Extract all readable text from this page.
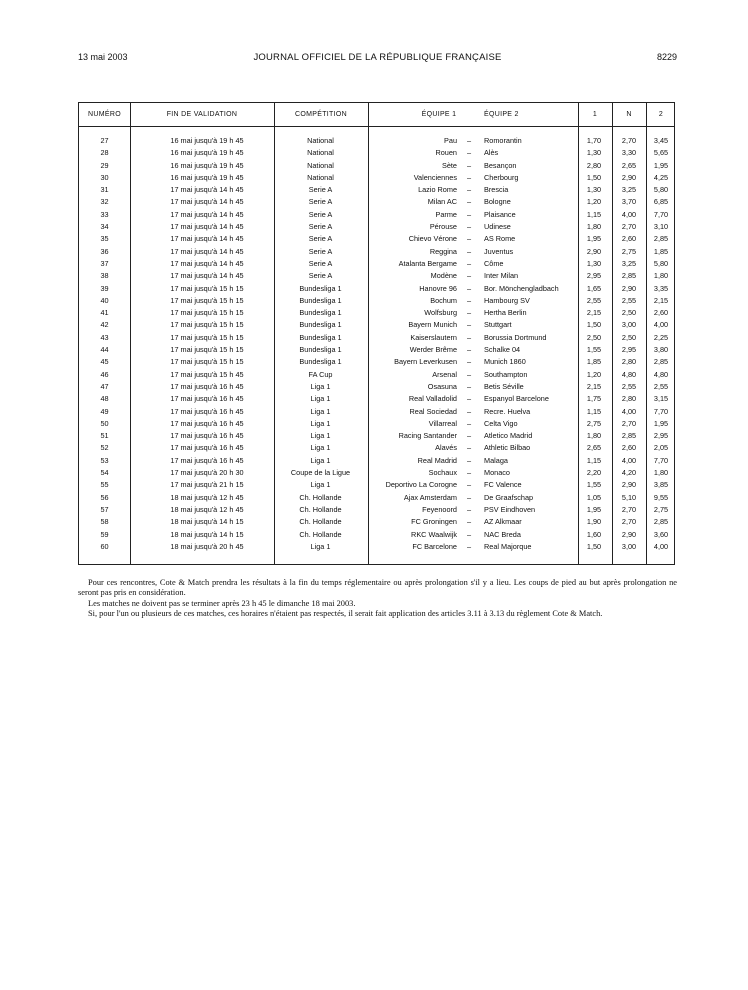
13 mai 2003	JOURNAL OFFICIEL DE LA RÉPUBLIQUE FRANÇAISE	8229
NUMÉRO	FIN DE VALIDATION	COMPÉTITION	ÉQUIPE 1	ÉQUIPE 2	1	N	2
27	16 mai jusqu'à 19 h 45	National	Pau – Romorantin	1,70	2,70	3,45
28	16 mai jusqu'à 19 h 45	National	Rouen – Alès	1,30	3,30	5,65
29	16 mai jusqu'à 19 h 45	National	Sète – Besançon	2,80	2,65	1,95
30	16 mai jusqu'à 19 h 45	National	Valenciennes – Cherbourg	1,50	2,90	4,25
31	17 mai jusqu'à 14 h 45	Serie A	Lazio Rome – Brescia	1,30	3,25	5,80
32	17 mai jusqu'à 14 h 45	Serie A	Milan AC – Bologne	1,20	3,70	6,85
33	17 mai jusqu'à 14 h 45	Serie A	Parme – Plaisance	1,15	4,00	7,70
34	17 mai jusqu'à 14 h 45	Serie A	Pérouse – Udinese	1,80	2,70	3,10
35	17 mai jusqu'à 14 h 45	Serie A	Chievo Vérone – AS Rome	1,95	2,60	2,85
36	17 mai jusqu'à 14 h 45	Serie A	Reggina – Juventus	2,90	2,75	1,85
37	17 mai jusqu'à 14 h 45	Serie A	Atalanta Bergame – Côme	1,30	3,25	5,80
38	17 mai jusqu'à 14 h 45	Serie A	Modène – Inter Milan	2,95	2,85	1,80
39	17 mai jusqu'à 15 h 15	Bundesliga 1	Hanovre 96 – Bor. Mönchengladbach	1,65	2,90	3,35
40	17 mai jusqu'à 15 h 15	Bundesliga 1	Bochum – Hambourg SV	2,55	2,55	2,15
41	17 mai jusqu'à 15 h 15	Bundesliga 1	Wolfsburg – Hertha Berlin	2,15	2,50	2,60
42	17 mai jusqu'à 15 h 15	Bundesliga 1	Bayern Munich – Stuttgart	1,50	3,00	4,00
43	17 mai jusqu'à 15 h 15	Bundesliga 1	Kaiserslautern – Borussia Dortmund	2,50	2,50	2,25
44	17 mai jusqu'à 15 h 15	Bundesliga 1	Werder Brême – Schalke 04	1,55	2,95	3,80
45	17 mai jusqu'à 15 h 15	Bundesliga 1	Bayern Leverkusen – Munich 1860	1,85	2,80	2,85
46	17 mai jusqu'à 15 h 45	FA Cup	Arsenal – Southampton	1,20	4,80	4,80
47	17 mai jusqu'à 16 h 45	Liga 1	Osasuna – Betis Séville	2,15	2,55	2,55
48	17 mai jusqu'à 16 h 45	Liga 1	Real Valladolid – Espanyol Barcelone	1,75	2,80	3,15
49	17 mai jusqu'à 16 h 45	Liga 1	Real Sociedad – Recre. Huelva	1,15	4,00	7,70
50	17 mai jusqu'à 16 h 45	Liga 1	Villarreal – Celta Vigo	2,75	2,70	1,95
51	17 mai jusqu'à 16 h 45	Liga 1	Racing Santander – Atletico Madrid	1,80	2,85	2,95
52	17 mai jusqu'à 16 h 45	Liga 1	Alavés – Athletic Bilbao	2,65	2,60	2,05
53	17 mai jusqu'à 16 h 45	Liga 1	Real Madrid – Malaga	1,15	4,00	7,70
54	17 mai jusqu'à 20 h 30	Coupe de la Ligue	Sochaux – Monaco	2,20	4,20	1,80
55	17 mai jusqu'à 21 h 15	Liga 1	Deportivo La Corogne – FC Valence	1,55	2,90	3,85
56	18 mai jusqu'à 12 h 45	Ch. Hollande	Ajax Amsterdam – De Graafschap	1,05	5,10	9,55
57	18 mai jusqu'à 12 h 45	Ch. Hollande	Feyenoord – PSV Eindhoven	1,95	2,70	2,75
58	18 mai jusqu'à 14 h 15	Ch. Hollande	FC Groningen – AZ Alkmaar	1,90	2,70	2,85
59	18 mai jusqu'à 14 h 15	Ch. Hollande	RKC Waalwijk – NAC Breda	1,60	2,90	3,60
60	18 mai jusqu'à 20 h 45	Liga 1	FC Barcelone – Real Majorque	1,50	3,00	4,00

Pour ces rencontres, Cote & Match prendra les résultats à la fin du temps réglementaire ou après prolongation s'il y a lieu. Les coups de pied au but après prolongation ne seront pas pris en considération.

Les matches ne doivent pas se terminer après 23 h 45 le dimanche 18 mai 2003.

Si, pour l'un ou plusieurs de ces matches, ces horaires n'étaient pas respectés, il serait fait application des articles 3.11 à 3.13 du règlement Cote & Match.
